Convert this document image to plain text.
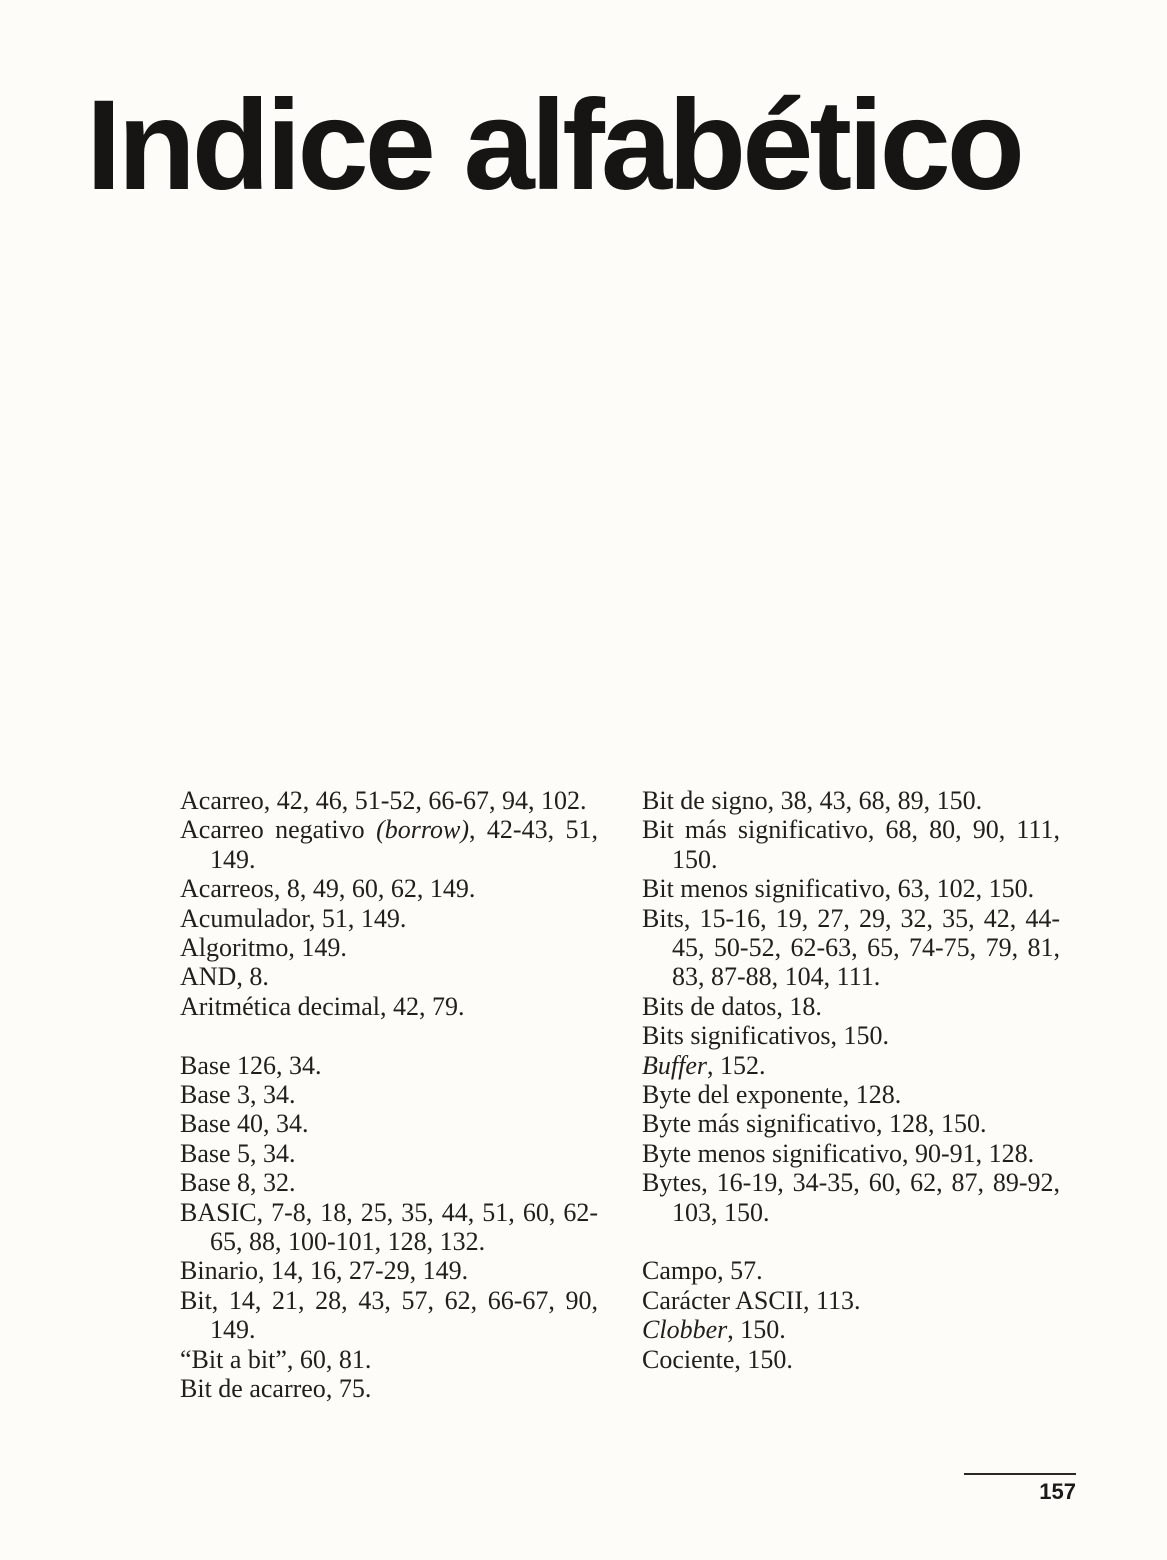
Indice alfabético

Acarreo, 42, 46, 51-52, 66-67, 94, 102.

Acarreo negativo (borrow), 42-43, 51, 149.

Acarreos, 8, 49, 60, 62, 149.

Acumulador, 51, 149.

Algoritmo, 149.

AND, 8.

Aritmética decimal, 42, 79.

Base 126, 34.

Base 3, 34.

Base 40, 34.

Base 5, 34.

Base 8, 32.

BASIC, 7-8, 18, 25, 35, 44, 51, 60, 62-65, 88, 100-101, 128, 132.

Binario, 14, 16, 27-29, 149.

Bit, 14, 21, 28, 43, 57, 62, 66-67, 90, 149.

“Bit a bit”, 60, 81.

Bit de acarreo, 75.

Bit de signo, 38, 43, 68, 89, 150.

Bit más significativo, 68, 80, 90, 111, 150.

Bit menos significativo, 63, 102, 150.

Bits, 15-16, 19, 27, 29, 32, 35, 42, 44-45, 50-52, 62-63, 65, 74-75, 79, 81, 83, 87-88, 104, 111.

Bits de datos, 18.

Bits significativos, 150.

Buffer, 152.

Byte del exponente, 128.

Byte más significativo, 128, 150.

Byte menos significativo, 90-91, 128.

Bytes, 16-19, 34-35, 60, 62, 87, 89-92, 103, 150.

Campo, 57.

Carácter ASCII, 113.

Clobber, 150.

Cociente, 150.

157
